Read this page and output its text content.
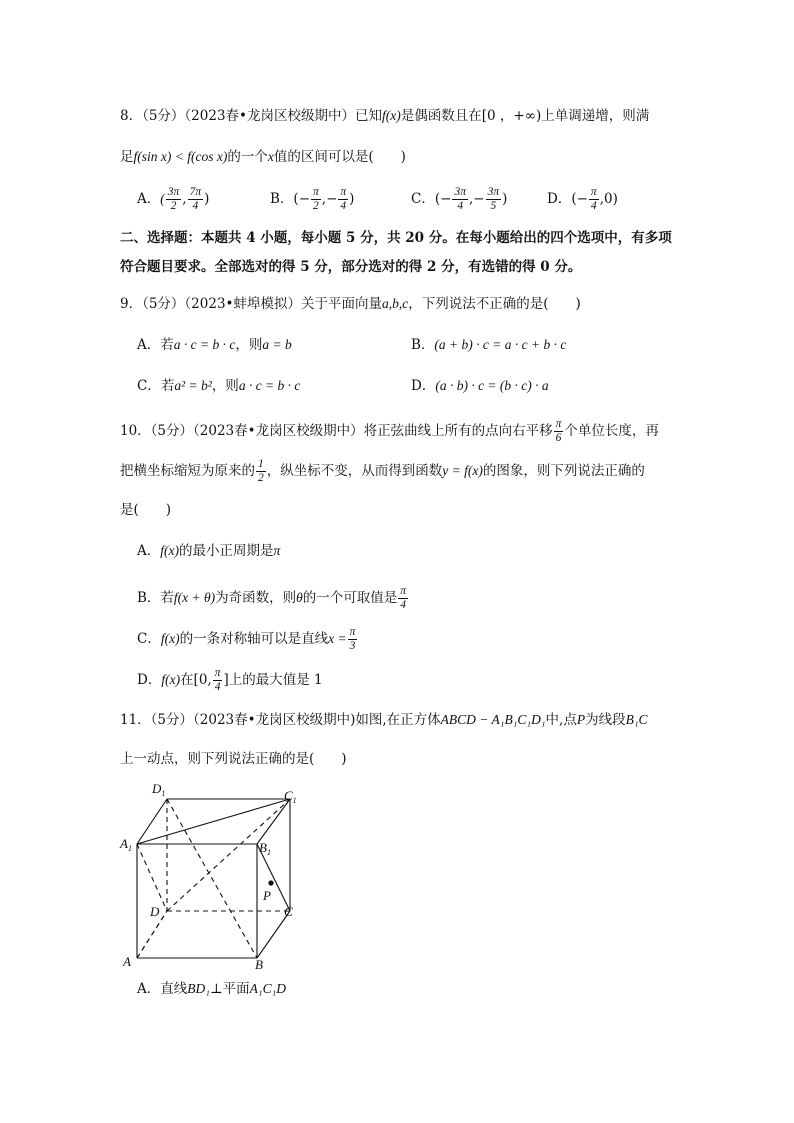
8．（5分）（2023春•龙岗区校级期中）已知f(x)是偶函数且在[0 ，+∞)上单调递增，则满
足f(sin x) < f(cos x)的一个x值的区间可以是(　　)
A．( $\frac{3\pi}{2}$ , $\frac{7\pi}{4}$ )	B．(− $\frac{\pi}{2}$ ,− $\frac{\pi}{4}$ )	C．(− $\frac{3\pi}{4}$ ,− $\frac{3\pi}{5}$ )	D．(− $\frac{\pi}{4} ,0$)
二、选择题：本题共 4 小题，每小题 5 分，共 20 分。在每小题给出的四个选项中，有多项
符合题目要求。全部选对的得 5 分，部分选对的得 2 分，有选错的得 0 分。
9．（5分）（2023•蚌埠模拟）关于平面向量a,b,c，下列说法不正确的是(　　)
A．若a · c = b · c，则a = b	B．(a + b) · c = a · c + b · c
C．若a² = b²，则a · c = b · c	D．(a · b) · c = (b · c) · a
10．（5分）（2023春•龙岗区校级期中）将正弦曲线上所有的点向右平移 $\frac{\pi}{6}$ 个单位长度，再
把横坐标缩短为原来的 $\frac{1}{2}$ ，纵坐标不变，从而得到函数y = f(x)的图象，则下列说法正确的
是(　　)
A．f(x)的最小正周期是π
B．若f(x + θ)为奇函数，则θ的一个可取值是 $\frac{\pi}{4}$
C．f(x)的一条对称轴可以是直线$x = \frac{\pi}{3}$
D．f(x)在[0, $\frac{\pi}{4}$ ]上的最大值是 1
11．（5分）（2023春•龙岗区校级期中)如图,在正方体ABCD − A₁B₁C₁D₁中,点P为线段B₁C
上一动点，则下列说法正确的是(　　)
$D_1$	$C_1$
$A_1$	$B_1$
P
D	C
A	B
A．直线BD₁⊥平面A₁C₁D
